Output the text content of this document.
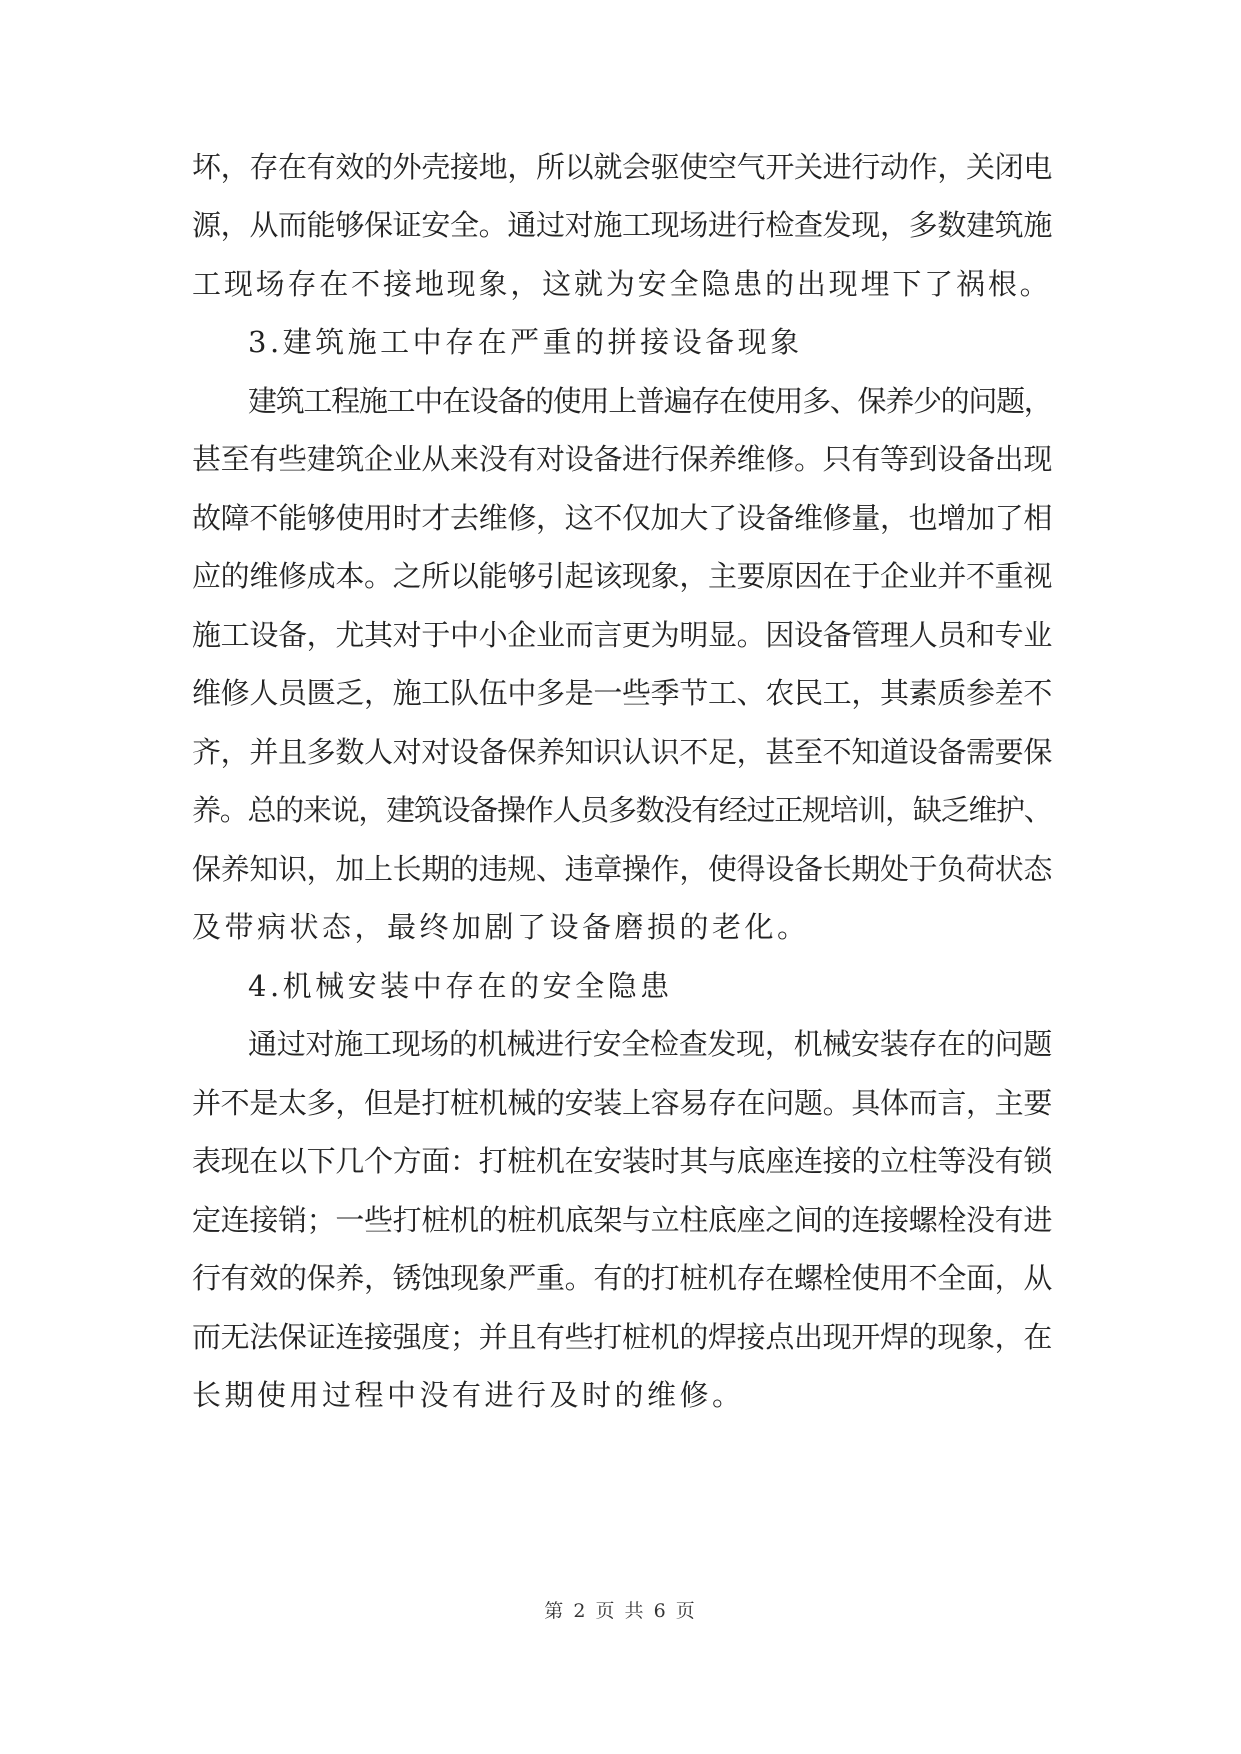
坏，存在有效的外壳接地，所以就会驱使空气开关进行动作，关闭电
源，从而能够保证安全。通过对施工现场进行检查发现，多数建筑施
工现场存在不接地现象，这就为安全隐患的出现埋下了祸根。
3.建筑施工中存在严重的拼接设备现象
建筑工程施工中在设备的使用上普遍存在使用多、保养少的问题，
甚至有些建筑企业从来没有对设备进行保养维修。只有等到设备出现
故障不能够使用时才去维修，这不仅加大了设备维修量，也增加了相
应的维修成本。之所以能够引起该现象，主要原因在于企业并不重视
施工设备，尤其对于中小企业而言更为明显。因设备管理人员和专业
维修人员匮乏，施工队伍中多是一些季节工、农民工，其素质参差不
齐，并且多数人对对设备保养知识认识不足，甚至不知道设备需要保
养。总的来说，建筑设备操作人员多数没有经过正规培训，缺乏维护、
保养知识，加上长期的违规、违章操作，使得设备长期处于负荷状态
及带病状态，最终加剧了设备磨损的老化。
4.机械安装中存在的安全隐患
通过对施工现场的机械进行安全检查发现，机械安装存在的问题
并不是太多，但是打桩机械的安装上容易存在问题。具体而言，主要
表现在以下几个方面：打桩机在安装时其与底座连接的立柱等没有锁
定连接销；一些打桩机的桩机底架与立柱底座之间的连接螺栓没有进
行有效的保养，锈蚀现象严重。有的打桩机存在螺栓使用不全面，从
而无法保证连接强度；并且有些打桩机的焊接点出现开焊的现象，在
长期使用过程中没有进行及时的维修。
第 2 页 共 6 页
